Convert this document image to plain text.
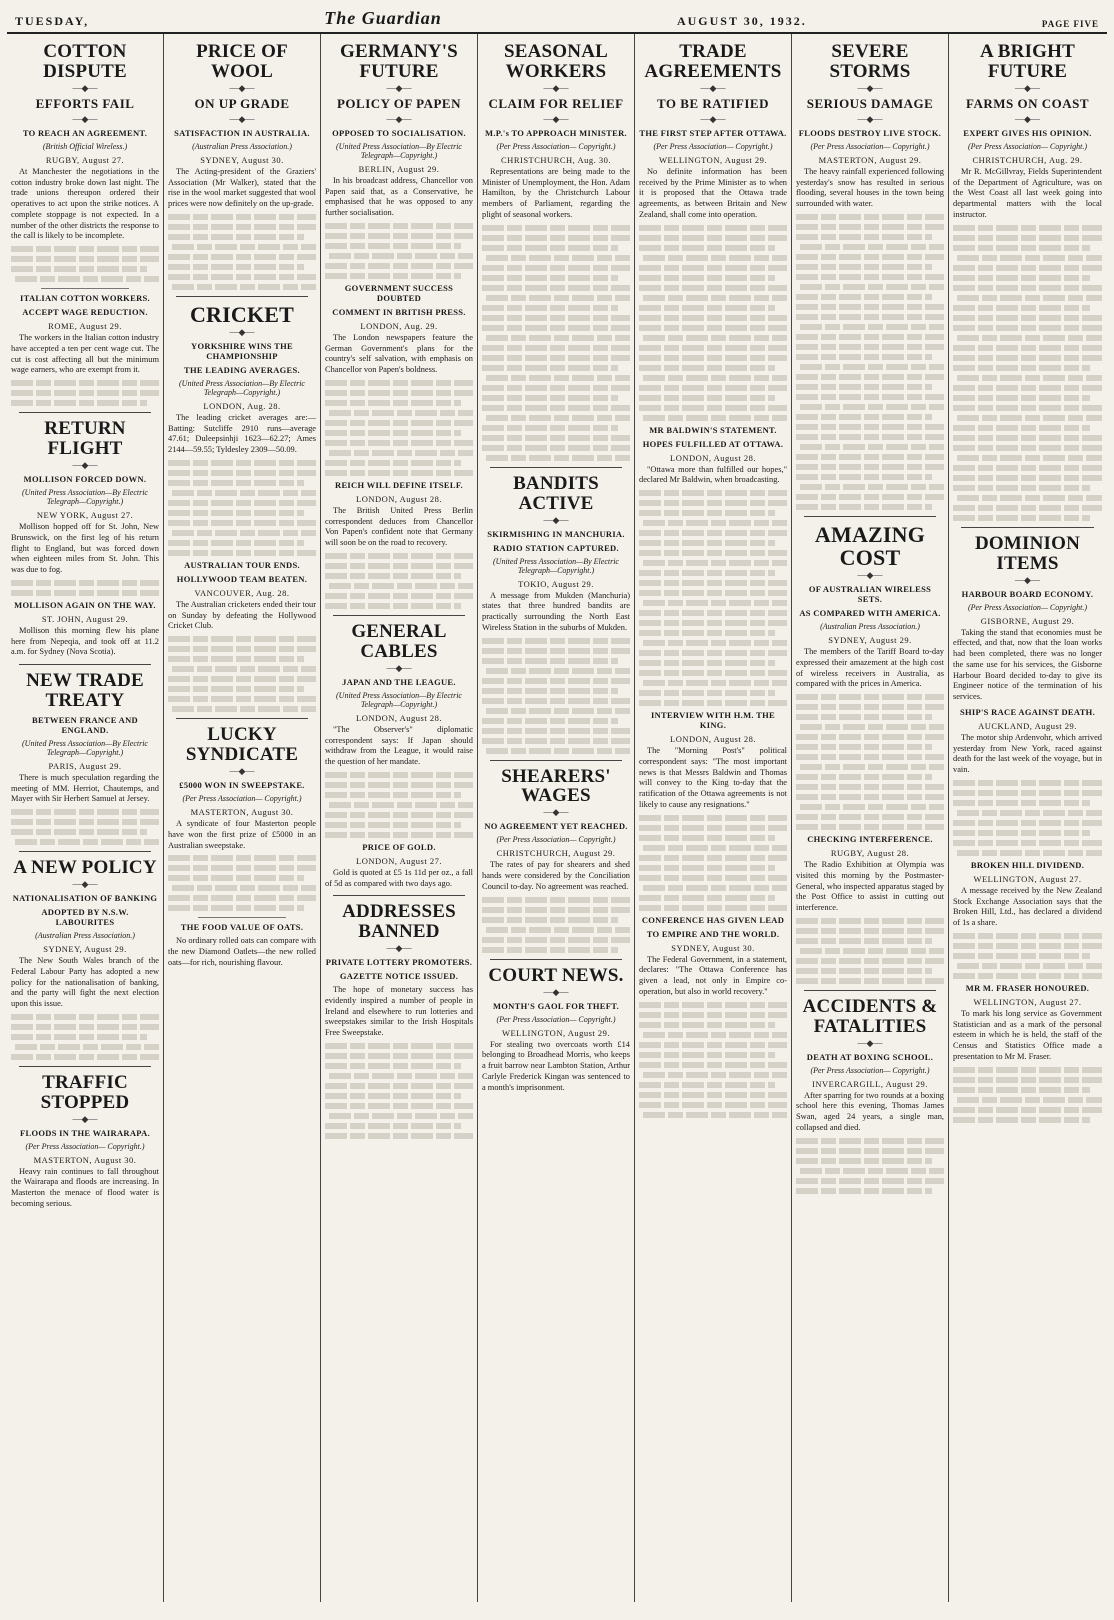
TUESDAY,	The Guardian	AUGUST 30, 1932.	PAGE FIVE
COTTON DISPUTE
—◆—
EFFORTS FAIL
—◆—
TO REACH AN AGREEMENT.
(British Official Wireless.)
RUGBY, August 27.

At Manchester the negotiations in the cotton industry broke down last night. The trade unions thereupon ordered their operatives to act upon the strike notices. A complete stoppage is not expected. In a number of the other districts the response to the call is likely to be incomplete.

ITALIAN COTTON WORKERS.
ACCEPT WAGE REDUCTION.
ROME, August 29.

The workers in the Italian cotton industry have accepted a ten per cent wage cut. The cut is cost affecting all but the minimum wage earners, who are exempt from it.

RETURN FLIGHT
—◆—
MOLLISON FORCED DOWN.
(United Press Association—By Electric Telegraph—Copyright.)
NEW YORK, August 27.

Mollison hopped off for St. John, New Brunswick, on the first leg of his return flight to England, but was forced down when eighteen miles from St. John. This was due to fog.

MOLLISON AGAIN ON THE WAY.
ST. JOHN, August 29.

Mollison this morning flew his plane here from Nepeqia, and took off at 11.2 a.m. for Sydney (Nova Scotia).

NEW TRADE TREATY
BETWEEN FRANCE AND ENGLAND.
(United Press Association—By Electric Telegraph—Copyright.)
PARIS, August 29.

There is much speculation regarding the meeting of MM. Herriot, Chautemps, and Mayer with Sir Herbert Samuel at Jersey.

A NEW POLICY
—◆—
NATIONALISATION OF BANKING
ADOPTED BY N.S.W. LABOURITES
(Australian Press Association.)
SYDNEY, August 29.

The New South Wales branch of the Federal Labour Party has adopted a new policy for the nationalisation of banking, and the party will fight the next election upon this issue.

TRAFFIC STOPPED
—◆—
FLOODS IN THE WAIRARAPA.
(Per Press Association— Copyright.)
MASTERTON, August 30.

Heavy rain continues to fall throughout the Wairarapa and floods are increasing. In Masterton the menace of flood water is becoming serious.

PRICE OF WOOL
—◆—
ON UP GRADE
—◆—
SATISFACTION IN AUSTRALIA.
(Australian Press Association.)
SYDNEY, August 30.

The Acting-president of the Graziers' Association (Mr Walker), stated that the rise in the wool market suggested that wool prices were now definitely on the up-grade.

CRICKET
—◆—
YORKSHIRE WINS THE CHAMPIONSHIP
THE LEADING AVERAGES.
(United Press Association—By Electric Telegraph—Copyright.)
LONDON, Aug. 28.

The leading cricket averages are:— Batting: Sutcliffe 2910 runs—average 47.61; Duleepsinhji 1623—62.27; Ames 2144—59.55; Tyldesley 2309—50.09.

AUSTRALIAN TOUR ENDS.
HOLLYWOOD TEAM BEATEN.
VANCOUVER, Aug. 28.

The Australian cricketers ended their tour on Sunday by defeating the Hollywood Cricket Club.

LUCKY SYNDICATE
—◆—
£5000 WON IN SWEEPSTAKE.
(Per Press Association— Copyright.)
MASTERTON, August 30.

A syndicate of four Masterton people have won the first prize of £5000 in an Australian sweepstake.

THE FOOD VALUE OF OATS.

No ordinary rolled oats can compare with the new Diamond Oatlets—the new rolled oats—for rich, nourishing flavour.

GERMANY'S FUTURE
—◆—
POLICY OF PAPEN
—◆—
OPPOSED TO SOCIALISATION.
(United Press Association—By Electric Telegraph—Copyright.)
BERLIN, August 29.

In his broadcast address, Chancellor von Papen said that, as a Conservative, he emphasised that he was opposed to any further socialisation.

GOVERNMENT SUCCESS DOUBTED
COMMENT IN BRITISH PRESS.
LONDON, Aug. 29.

The London newspapers feature the German Government's plans for the country's self salvation, with emphasis on Chancellor von Papen's boldness.

REICH WILL DEFINE ITSELF.
LONDON, August 28.

The British United Press Berlin correspondent deduces from Chancellor Von Papen's confident note that Germany will soon be on the road to recovery.

GENERAL CABLES
—◆—
JAPAN AND THE LEAGUE.
(United Press Association—By Electric Telegraph—Copyright.)
LONDON, August 28.

"The Observer's" diplomatic correspondent says: If Japan should withdraw from the League, it would raise the question of her mandate.

PRICE OF GOLD.
LONDON, August 27.

Gold is quoted at £5 1s 11d per oz., a fall of 5d as compared with two days ago.

ADDRESSES BANNED
—◆—
PRIVATE LOTTERY PROMOTERS.
GAZETTE NOTICE ISSUED.

The hope of monetary success has evidently inspired a number of people in Ireland and elsewhere to run lotteries and sweepstakes similar to the Irish Hospitals Free Sweepstake.

SEASONAL WORKERS
—◆—
CLAIM FOR RELIEF
—◆—
M.P.'s TO APPROACH MINISTER.
(Per Press Association— Copyright.)
CHRISTCHURCH, Aug. 30.

Representations are being made to the Minister of Unemployment, the Hon. Adam Hamilton, by the Christchurch Labour members of Parliament, regarding the plight of seasonal workers.

BANDITS ACTIVE
—◆—
SKIRMISHING IN MANCHURIA.
RADIO STATION CAPTURED.
(United Press Association—By Electric Telegraph—Copyright.)
TOKIO, August 29.

A message from Mukden (Manchuria) states that three hundred bandits are practically surrounding the North East Wireless Station in the suburbs of Mukden.

SHEARERS' WAGES
—◆—
NO AGREEMENT YET REACHED.
(Per Press Association— Copyright.)
CHRISTCHURCH, August 29.

The rates of pay for shearers and shed hands were considered by the Conciliation Council to-day. No agreement was reached.

COURT NEWS.
—◆—
MONTH'S GAOL FOR THEFT.
(Per Press Association— Copyright.)
WELLINGTON, August 29.

For stealing two overcoats worth £14 belonging to Broadhead Morris, who keeps a fruit barrow near Lambton Station, Arthur Carlyle Frederick Kingan was sentenced to a month's imprisonment.

TRADE AGREEMENTS
—◆—
TO BE RATIFIED
—◆—
THE FIRST STEP AFTER OTTAWA.
(Per Press Association— Copyright.)
WELLINGTON, August 29.

No definite information has been received by the Prime Minister as to when it is proposed that the Ottawa trade agreements, as between Britain and New Zealand, shall come into operation.

MR BALDWIN'S STATEMENT.
HOPES FULFILLED AT OTTAWA.
LONDON, August 28.

"Ottawa more than fulfilled our hopes," declared Mr Baldwin, when broadcasting.

INTERVIEW WITH H.M. THE KING.
LONDON, August 28.

The "Morning Post's" political correspondent says: "The most important news is that Messrs Baldwin and Thomas will convey to the King to-day that the ratification of the Ottawa agreements is not likely to cause any resignations."

CONFERENCE HAS GIVEN LEAD
TO EMPIRE AND THE WORLD.
SYDNEY, August 30.

The Federal Government, in a statement, declares: "The Ottawa Conference has given a lead, not only in Empire co-operation, but also in world recovery."

SEVERE STORMS
—◆—
SERIOUS DAMAGE
—◆—
FLOODS DESTROY LIVE STOCK.
(Per Press Association— Copyright.)
MASTERTON, August 29.

The heavy rainfall experienced following yesterday's snow has resulted in serious flooding, several houses in the town being surrounded with water.

AMAZING COST
—◆—
OF AUSTRALIAN WIRELESS SETS.
AS COMPARED WITH AMERICA.
(Australian Press Association.)
SYDNEY, August 29.

The members of the Tariff Board to-day expressed their amazement at the high cost of wireless receivers in Australia, as compared with the prices in America.

CHECKING INTERFERENCE.
RUGBY, August 28.

The Radio Exhibition at Olympia was visited this morning by the Postmaster-General, who inspected apparatus staged by the Post Office to assist in cutting out interference.

ACCIDENTS & FATALITIES
—◆—
DEATH AT BOXING SCHOOL.
(Per Press Association— Copyright.)
INVERCARGILL, August 29.

After sparring for two rounds at a boxing school here this evening, Thomas James Swan, aged 24 years, a single man, collapsed and died.

A BRIGHT FUTURE
—◆—
FARMS ON COAST
—◆—
EXPERT GIVES HIS OPINION.
(Per Press Association— Copyright.)
CHRISTCHURCH, Aug. 29.

Mr R. McGillvray, Fields Superintendent of the Department of Agriculture, was on the West Coast all last week going into departmental matters with the local instructor.

DOMINION ITEMS
—◆—
HARBOUR BOARD ECONOMY.
(Per Press Association— Copyright.)
GISBORNE, August 29.

Taking the stand that economies must be effected, and that, now that the loan works had been completed, there was no longer the same use for his services, the Gisborne Harbour Board decided to-day to give its Engineer notice of the termination of his services.

SHIP'S RACE AGAINST DEATH.
AUCKLAND, August 29.

The motor ship Ardenvohr, which arrived yesterday from New York, raced against death for the last week of the voyage, but in vain.

BROKEN HILL DIVIDEND.
WELLINGTON, August 27.

A message received by the New Zealand Stock Exchange Association says that the Broken Hill, Ltd., has declared a dividend of 1s a share.

MR M. FRASER HONOURED.
WELLINGTON, August 27.

To mark his long service as Government Statistician and as a mark of the personal esteem in which he is held, the staff of the Census and Statistics Office made a presentation to Mr M. Fraser.
